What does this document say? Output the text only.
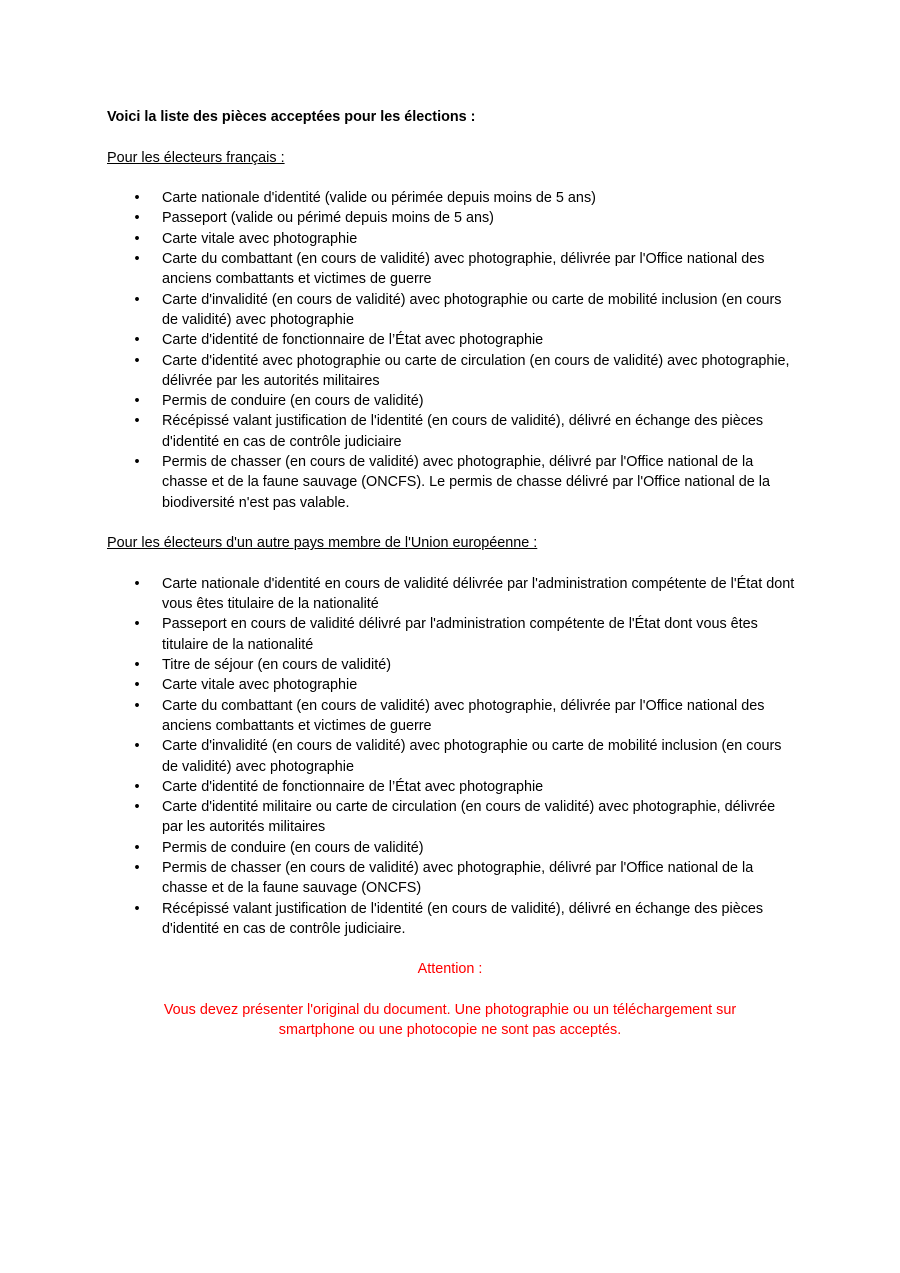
Voici la liste des pièces acceptées pour les élections :

Pour les électeurs français :

• Carte nationale d'identité (valide ou périmée depuis moins de 5 ans)
• Passeport (valide ou périmé depuis moins de 5 ans)
• Carte vitale avec photographie
• Carte du combattant (en cours de validité) avec photographie, délivrée par l'Office national des anciens combattants et victimes de guerre
• Carte d'invalidité (en cours de validité) avec photographie ou carte de mobilité inclusion (en cours de validité) avec photographie
• Carte d'identité de fonctionnaire de l’État avec photographie
• Carte d'identité avec photographie ou carte de circulation (en cours de validité) avec photographie, délivrée par les autorités militaires
• Permis de conduire (en cours de validité)
• Récépissé valant justification de l'identité (en cours de validité), délivré en échange des pièces d'identité en cas de contrôle judiciaire
• Permis de chasser (en cours de validité) avec photographie, délivré par l'Office national de la chasse et de la faune sauvage (ONCFS). Le permis de chasse délivré par l'Office national de la biodiversité n'est pas valable.

Pour les électeurs d'un autre pays membre de l'Union européenne :

• Carte nationale d'identité en cours de validité délivrée par l'administration compétente de l'État dont vous êtes titulaire de la nationalité
• Passeport en cours de validité délivré par l'administration compétente de l'État dont vous êtes titulaire de la nationalité
• Titre de séjour (en cours de validité)
• Carte vitale avec photographie
• Carte du combattant (en cours de validité) avec photographie, délivrée par l'Office national des anciens combattants et victimes de guerre
• Carte d'invalidité (en cours de validité) avec photographie ou carte de mobilité inclusion (en cours de validité) avec photographie
• Carte d'identité de fonctionnaire de l’État avec photographie
• Carte d'identité militaire ou carte de circulation (en cours de validité) avec photographie, délivrée par les autorités militaires
• Permis de conduire (en cours de validité)
• Permis de chasser (en cours de validité) avec photographie, délivré par l'Office national de la chasse et de la faune sauvage (ONCFS)
• Récépissé valant justification de l'identité (en cours de validité), délivré en échange des pièces d'identité en cas de contrôle judiciaire.

Attention :

Vous devez présenter l'original du document. Une photographie ou un téléchargement sur smartphone ou une photocopie ne sont pas acceptés.
